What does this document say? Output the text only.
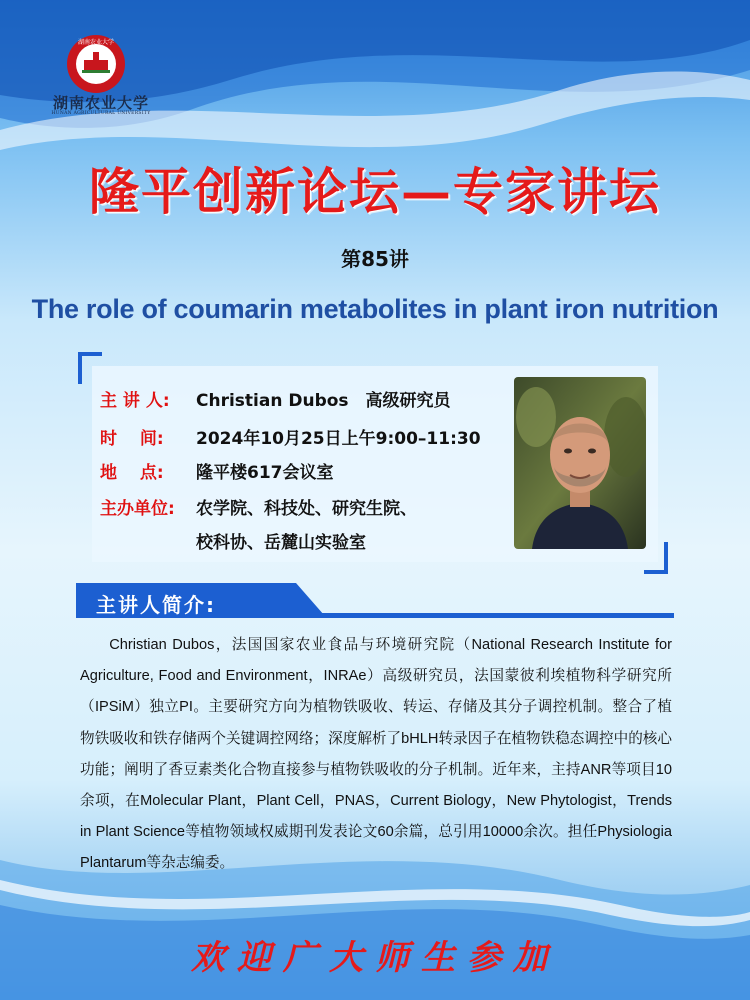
湖南农业大学
湖南农业大学
HUNAN AGRICULTURAL UNIVERSITY
隆平创新论坛—专家讲坛
第85讲
The role of coumarin metabolites in plant iron nutrition
主 讲 人:	Christian Dubos　高级研究员
时　 间:	2024年10月25日上午9:00–11:30
地　 点:	隆平楼617会议室
主办单位:	农学院、科技处、研究生院、
校科协、岳麓山实验室
主讲人简介:
Christian Dubos，法国国家农业食品与环境研究院（National Research Institute for Agriculture, Food and Environment，INRAe）高级研究员，法国蒙彼利埃植物科学研究所（IPSiM）独立PI。主要研究方向为植物铁吸收、转运、存储及其分子调控机制。整合了植物铁吸收和铁存储两个关键调控网络；深度解析了bHLH转录因子在植物铁稳态调控中的核心功能；阐明了香豆素类化合物直接参与植物铁吸收的分子机制。近年来，主持ANR等项目10余项，在Molecular Plant，Plant Cell，PNAS，Current Biology，New Phytologist，Trends in Plant Science等植物领域权威期刊发表论文60余篇，总引用10000余次。担任Physiologia Plantarum等杂志编委。
欢迎广大师生参加
